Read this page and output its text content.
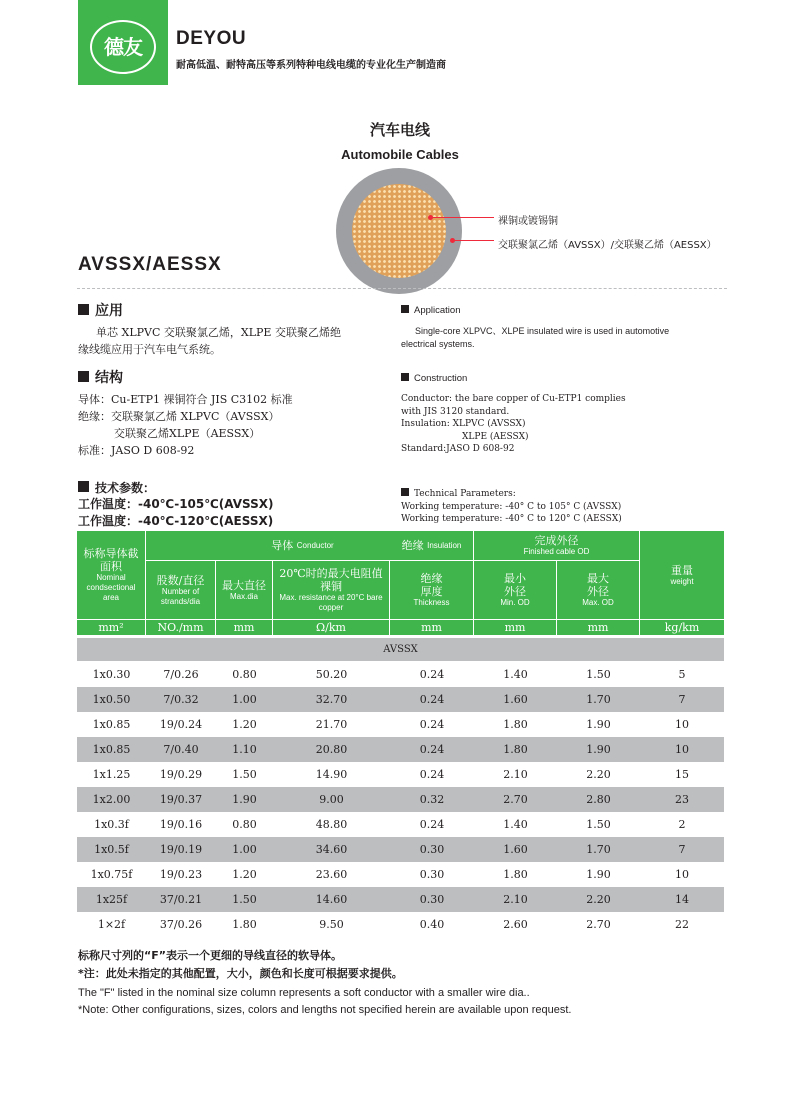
德友	DEYOU
耐高低温、耐特高压等系列特种电线电缆的专业化生产制造商
汽车电线
Automobile Cables
裸铜或镀锡铜
交联聚氯乙烯（AVSSX）/交联聚乙烯（AESSX）
AVSSX/AESSX
应用	Application
单芯 XLPVC 交联聚氯乙烯，XLPE 交联聚乙烯绝
缘线缆应用于汽车电气系统。
Single-core XLPVC、XLPE insulated wire is used in automotive
electrical systems.
结构	Construction
导体：Cu-ETP1 裸铜符合 JIS C3102 标准
绝缘：交联聚氯乙烯 XLPVC（AVSSX）
交联聚乙烯XLPE（AESSX）
标准：JASO D 608-92
Conductor: the bare copper of Cu-ETP1 complies
with JIS 3120 standard.
Insulation: XLPVC (AVSSX)
XLPE (AESSX)
Standard:JASO D 608-92
技术参数：
工作温度：-40℃-105℃(AVSSX)
工作温度：-40℃-120℃(AESSX)
Technical Parameters:
Working temperature: -40° C to 105° C (AVSSX)
Working temperature: -40° C to 120° C (AESSX)
标称导体截面积
Nominal condsectional area
导体
Conductor
股数/直径
Number of strands/dia
最大直径
Max.dia
20℃时的最大电阻值裸铜
Max. resistance at 20°C bare copper
绝缘
Insulation
绝缘厚度
Thickness
完成外径
Finished cable OD
最小外径
Min. OD
最大外径
Max. OD
重量
weight
mm²	NO./mm	mm	Ω/km	mm	mm	mm	kg/km
AVSSX
1x0.30	7/0.26	0.80	50.20	0.24	1.40	1.50	5
1x0.50	7/0.32	1.00	32.70	0.24	1.60	1.70	7
1x0.85	19/0.24	1.20	21.70	0.24	1.80	1.90	10
1x0.85	7/0.40	1.10	20.80	0.24	1.80	1.90	10
1x1.25	19/0.29	1.50	14.90	0.24	2.10	2.20	15
1x2.00	19/0.37	1.90	9.00	0.32	2.70	2.80	23
1x0.3f	19/0.16	0.80	48.80	0.24	1.40	1.50	2
1x0.5f	19/0.19	1.00	34.60	0.30	1.60	1.70	7
1x0.75f	19/0.23	1.20	23.60	0.30	1.80	1.90	10
1x25f	37/0.21	1.50	14.60	0.30	2.10	2.20	14
1×2f	37/0.26	1.80	9.50	0.40	2.60	2.70	22
标称尺寸列的“F”表示一个更细的导线直径的软导体。
*注：此处未指定的其他配置，大小，颜色和长度可根据要求提供。
The "F" listed in the nominal size column represents a soft conductor with a smaller wire dia..
*Note: Other configurations, sizes, colors and lengths not specified herein are available upon request.
